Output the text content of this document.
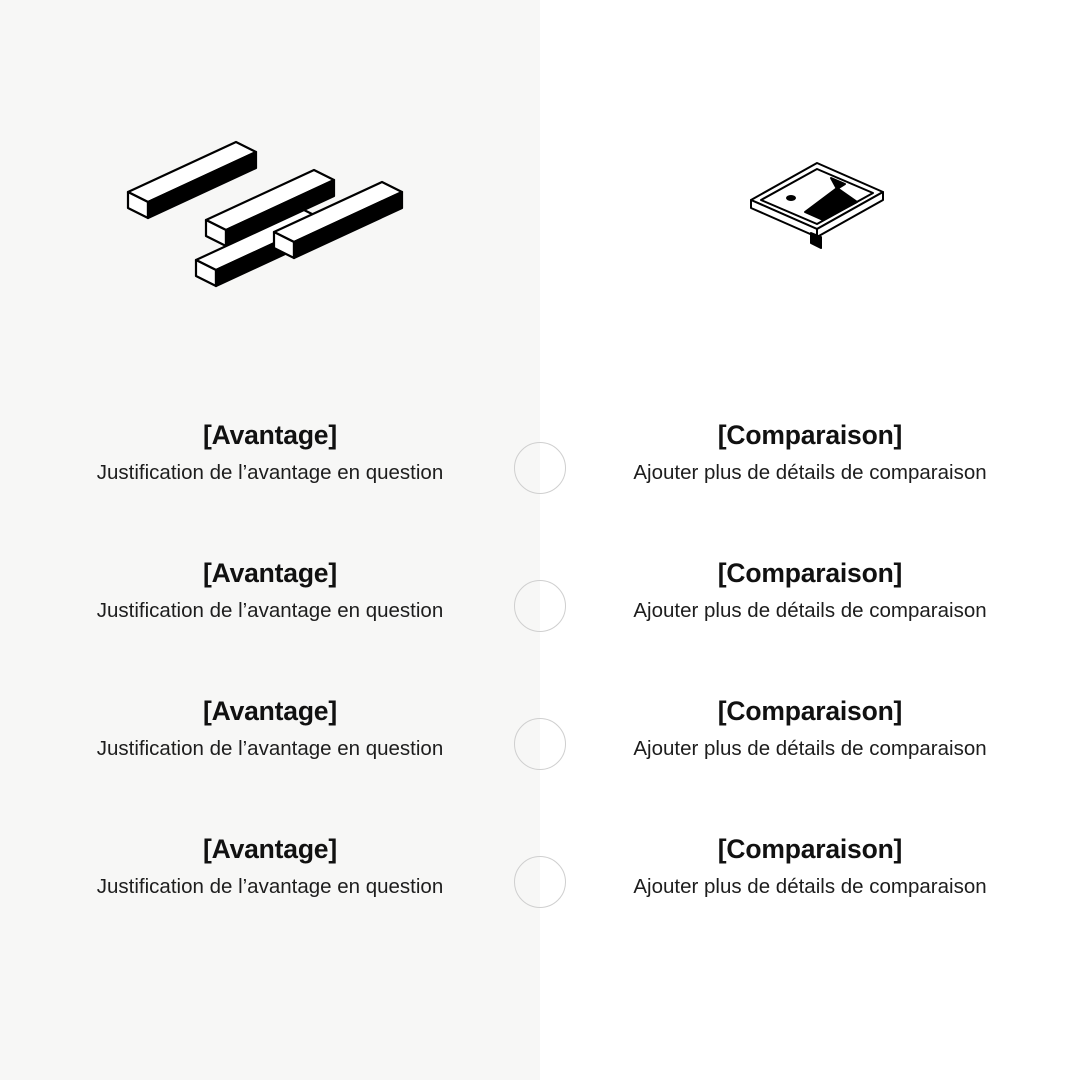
[Avantage]
Justification de l’avantage en question
[Comparaison]
Ajouter plus de détails de comparaison
[Avantage]
Justification de l’avantage en question
[Comparaison]
Ajouter plus de détails de comparaison
[Avantage]
Justification de l’avantage en question
[Comparaison]
Ajouter plus de détails de comparaison
[Avantage]
Justification de l’avantage en question
[Comparaison]
Ajouter plus de détails de comparaison
